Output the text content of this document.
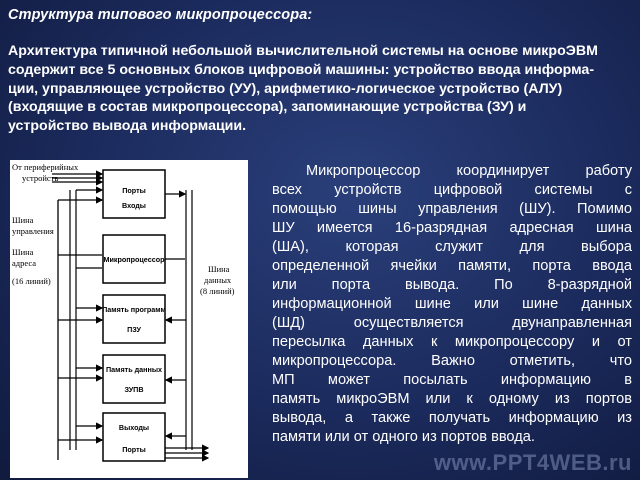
Структура типового микропроцессора:
Архитектура типичной небольшой вычислительной системы на основе микроЭВМ
содержит все 5 основных блоков цифровой машины: устройство ввода информа-
ции, управляющее устройство (УУ), арифметико-логическое устройство (АЛУ)
(входящие в состав микропроцессора), запоминающие устройства (ЗУ) и
устройство вывода информации.
От периферийных
устройств
Шина
управления
Шина
адреса
(16 линий)
Шина
данных
(8 линий)
Порты
Входы
Микропроцессор
Память программ
ПЗУ
Память данных
ЗУПВ
Выходы
Порты
Микропроцессор координирует работу
всех устройств цифровой системы с
помощью шины управления (ШУ). Помимо
ШУ имеется 16-разрядная адресная шина
(ША), которая служит для выбора
определенной ячейки памяти, порта ввода
или порта вывода. По 8-разрядной
информационной шине или шине данных
(ШД) осуществляется двунаправленная
пересылка данных к микропроцессору и от
микропроцессора. Важно отметить, что
МП может посылать информацию в
память микроЭВМ или к одному из портов
вывода, а также получать информацию из
памяти или от одного из портов ввода.
www.PPT4WEB.ru
